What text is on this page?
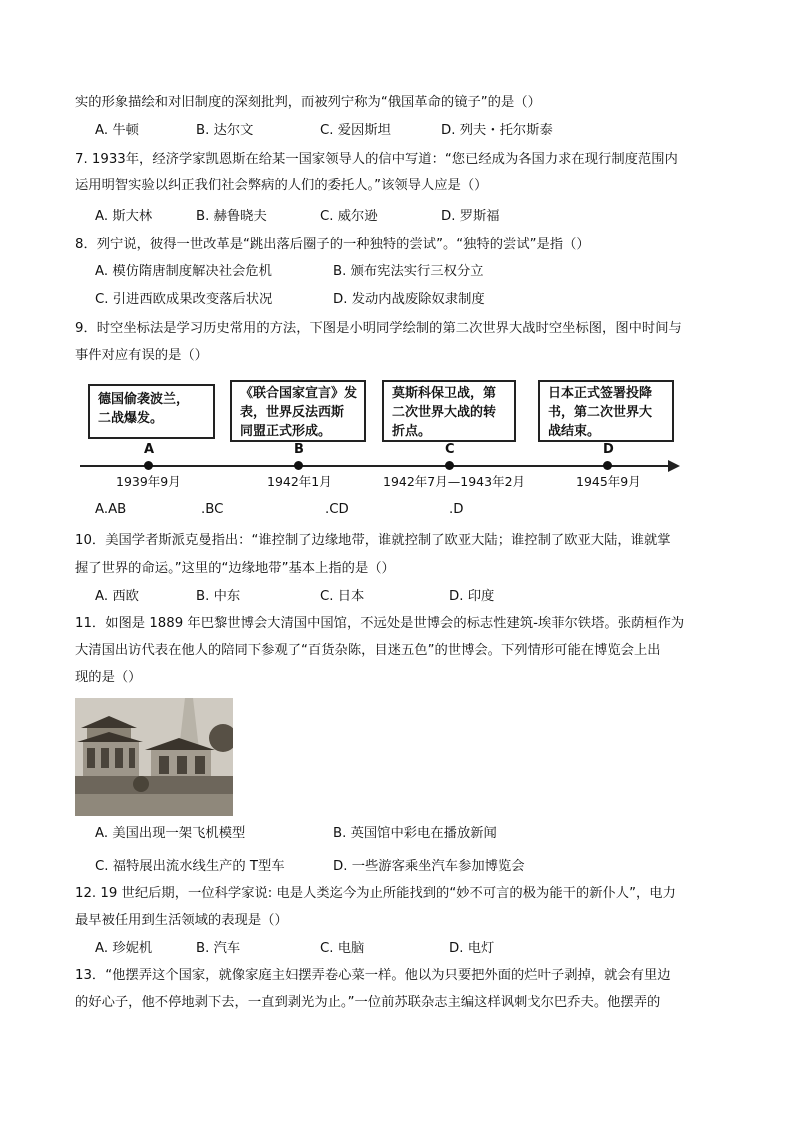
实的形象描绘和对旧制度的深刻批判，而被列宁称为“俄国革命的镜子”的是（）
A. 牛顿	B. 达尔文	C. 爱因斯坦	D. 列夫・托尔斯泰
7. 1933年，经济学家凯恩斯在给某一国家领导人的信中写道：“您已经成为各国力求在现行制度范围内
运用明智实验以纠正我们社会弊病的人们的委托人。”该领导人应是（）
A. 斯大林	B. 赫鲁晓夫	C. 威尔逊	D. 罗斯福
8．列宁说，彼得一世改革是“跳出落后圈子的一种独特的尝试”。“独特的尝试”是指（）
A. 模仿隋唐制度解决社会危机	B. 颁布宪法实行三权分立
C. 引进西欧成果改变落后状况	D. 发动内战废除奴隶制度
9．时空坐标法是学习历史常用的方法，下图是小明同学绘制的第二次世界大战时空坐标图，图中时间与
事件对应有误的是（）
德国偷袭波兰，
二战爆发。
《联合国家宣言》发
表，世界反法西斯
同盟正式形成。
莫斯科保卫战，第
二次世界大战的转
折点。
日本正式签署投降
书，第二次世界大
战结束。
A
1939年9月
B
1942年1月
C
1942年7月—1943年2月
D
1945年9月
A.AB	.BC	.CD	.D
10．美国学者斯派克曼指出：“谁控制了边缘地带，谁就控制了欧亚大陆；谁控制了欧亚大陆，谁就掌
握了世界的命运。”这里的“边缘地带”基本上指的是（）
A. 西欧	B. 中东	C. 日本	D. 印度
11．如图是 1889 年巴黎世博会大清国中国馆，不远处是世博会的标志性建筑-埃菲尔铁塔。张荫桓作为
大清国出访代表在他人的陪同下参观了“百货杂陈，目迷五色”的世博会。下列情形可能在博览会上出
现的是（）
A. 美国出现一架飞机模型	B. 英国馆中彩电在播放新闻
C. 福特展出流水线生产的 T型车	D. 一些游客乘坐汽车参加博览会
12. 19 世纪后期，一位科学家说: 电是人类迄今为止所能找到的“妙不可言的极为能干的新仆人”，电力
最早被任用到生活领域的表现是（）
A. 珍妮机	B. 汽车	C. 电脑	D. 电灯
13．“他摆弄这个国家，就像家庭主妇摆弄卷心菜一样。他以为只要把外面的烂叶子剥掉，就会有里边
的好心子，他不停地剥下去，一直到剥光为止。”一位前苏联杂志主编这样讽刺戈尔巴乔夫。他摆弄的
